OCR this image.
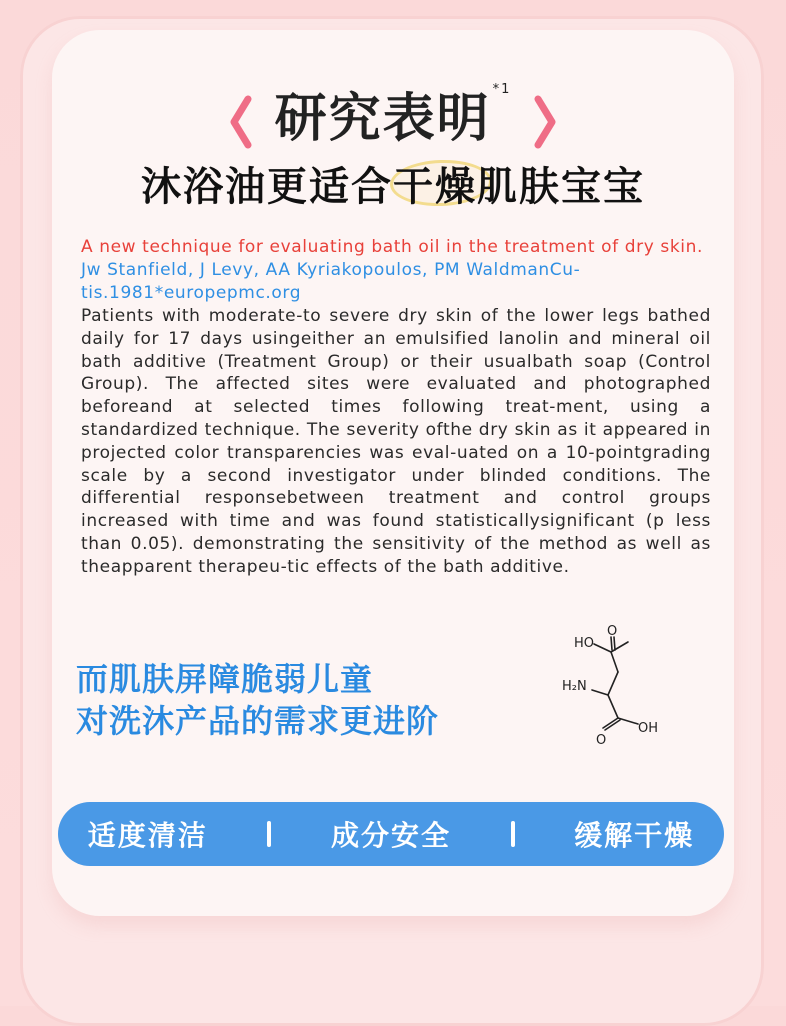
研究表明 $^{*1}$
沐浴油更适合干燥肌肤宝宝
A new technique for evaluating bath oil in the treatment of dry skin.
Jw Stanfield, J Levy, AA Kyriakopoulos, PM WaldmanCu-tis.1981*europepmc.org
Patients with moderate-to severe dry skin of the lower legs bathed daily for 17 days usingeither an emulsified lanolin and mineral oil bath additive (Treatment Group) or their usualbath soap (Control Group). The affected sites were evaluated and photographed beforeand at selected times following treat-ment, using a standardized technique. The severity ofthe dry skin as it appeared in projected color transparencies was eval-uated on a 10-pointgrading scale by a second investigator under blinded conditions. The differential responsebetween treatment and control groups increased with time and was found statisticallysignificant (p less than 0.05). demonstrating the sensitivity of the method as well as theapparent therapeu-tic effects of the bath additive.
而肌肤屏障脆弱儿童
对洗沐产品的需求更进阶
HO
O
H₂N
O
OH
适度清洁	成分安全	缓解干燥
